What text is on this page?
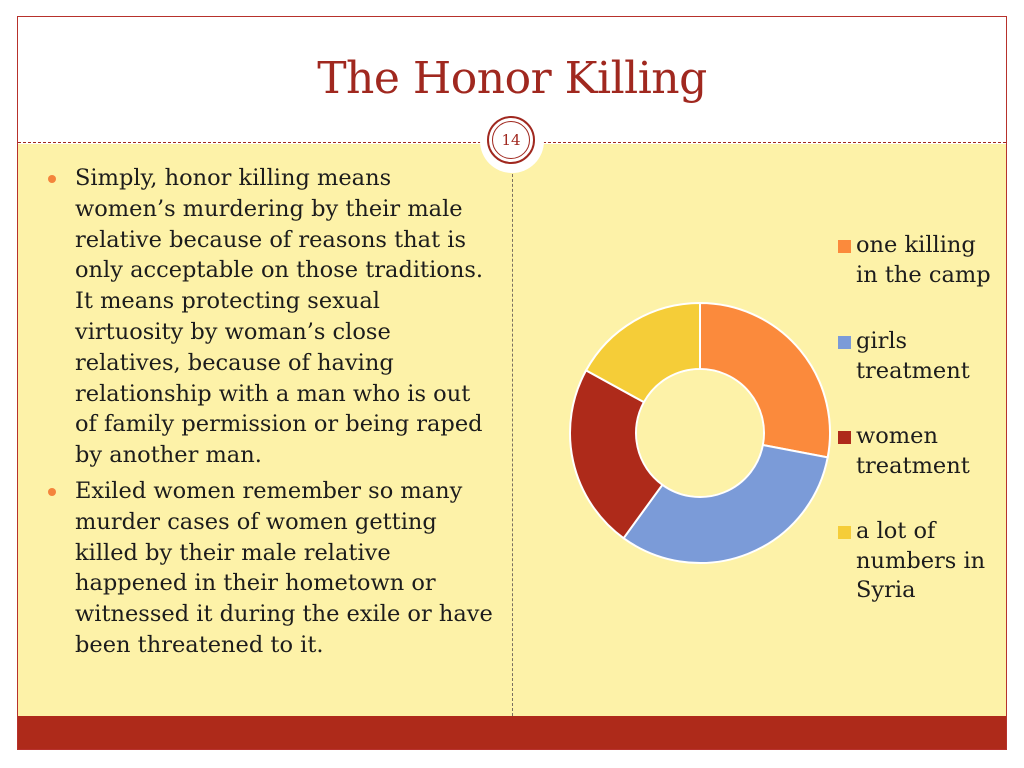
The Honor Killing
14
Simply, honor killing means women’s murdering by their male relative because of reasons that is only acceptable on those traditions. It means protecting sexual virtuosity by woman’s close relatives, because of having relationship with a man who is out of family permission or being raped by another man.
Exiled women remember so many murder cases of women getting killed by their male relative happened in their hometown or witnessed it during the exile or have been threatened to it.
one killing in the camp
girls treatment
women treatment
a lot of numbers in Syria
